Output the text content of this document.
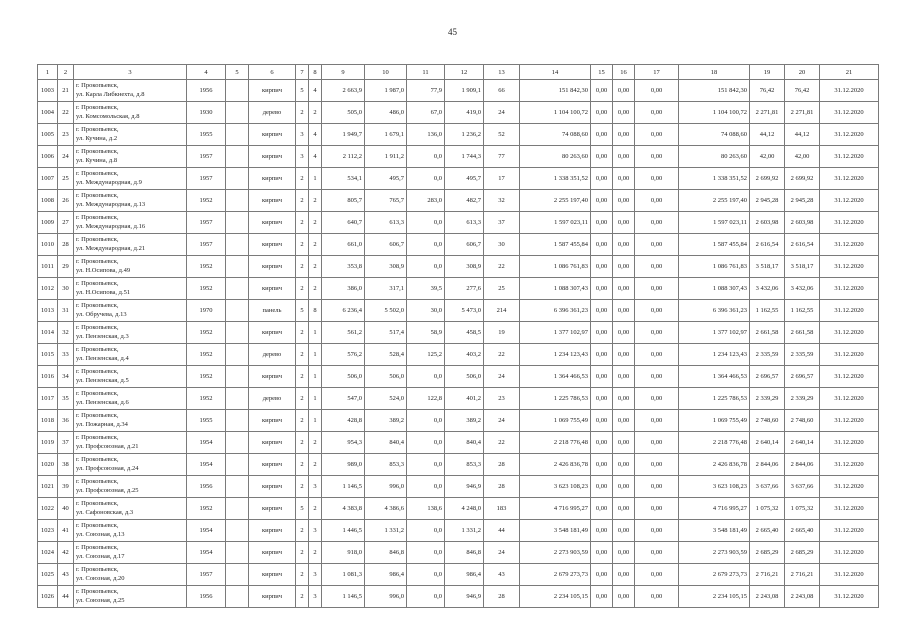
45
1	2	3	4	5	6	7	8	9	10	11	12	13	14	15	16	17	18	19	20	21
1003	21	г. Прокопьевск,
ул. Карла Либкнехта, д.8	1956		кирпич	5	4	2 663,9	1 987,0	77,9	1 909,1	66	151 842,30	0,00	0,00	0,00	151 842,30	76,42	76,42	31.12.2020
1004	22	г. Прокопьевск,
ул. Комсомольская, д.8	1930		дерево	2	2	505,0	486,0	67,0	419,0	24	1 104 100,72	0,00	0,00	0,00	1 104 100,72	2 271,81	2 271,81	31.12.2020
1005	23	г. Прокопьевск,
ул. Кучина, д.2	1955		кирпич	3	4	1 949,7	1 679,1	136,0	1 236,2	52	74 088,60	0,00	0,00	0,00	74 088,60	44,12	44,12	31.12.2020
1006	24	г. Прокопьевск,
ул. Кучина, д.8	1957		кирпич	3	4	2 112,2	1 911,2	0,0	1 744,3	77	80 263,60	0,00	0,00	0,00	80 263,60	42,00	42,00	31.12.2020
1007	25	г. Прокопьевск,
ул. Международная, д.9	1957		кирпич	2	1	534,1	495,7	0,0	495,7	17	1 338 351,52	0,00	0,00	0,00	1 338 351,52	2 699,92	2 699,92	31.12.2020
1008	26	г. Прокопьевск,
ул. Международная, д.13	1952		кирпич	2	2	805,7	765,7	283,0	482,7	32	2 255 197,40	0,00	0,00	0,00	2 255 197,40	2 945,28	2 945,28	31.12.2020
1009	27	г. Прокопьевск,
ул. Международная, д.16	1957		кирпич	2	2	640,7	613,3	0,0	613,3	37	1 597 023,11	0,00	0,00	0,00	1 597 023,11	2 603,98	2 603,98	31.12.2020
1010	28	г. Прокопьевск,
ул. Международная, д.21	1957		кирпич	2	2	661,0	606,7	0,0	606,7	30	1 587 455,84	0,00	0,00	0,00	1 587 455,84	2 616,54	2 616,54	31.12.2020
1011	29	г. Прокопьевск,
ул. Н.Осипова, д.49	1952		кирпич	2	2	353,8	308,9	0,0	308,9	22	1 086 761,83	0,00	0,00	0,00	1 086 761,83	3 518,17	3 518,17	31.12.2020
1012	30	г. Прокопьевск,
ул. Н.Осипова, д.51	1952		кирпич	2	2	386,0	317,1	39,5	277,6	25	1 088 307,43	0,00	0,00	0,00	1 088 307,43	3 432,06	3 432,06	31.12.2020
1013	31	г. Прокопьевск,
ул. Обручева, д.13	1970		панель	5	8	6 236,4	5 502,0	30,0	5 473,0	214	6 396 361,23	0,00	0,00	0,00	6 396 361,23	1 162,55	1 162,55	31.12.2020
1014	32	г. Прокопьевск,
ул. Пензенская, д.3	1952		кирпич	2	1	561,2	517,4	58,9	458,5	19	1 377 102,97	0,00	0,00	0,00	1 377 102,97	2 661,58	2 661,58	31.12.2020
1015	33	г. Прокопьевск,
ул. Пензенская, д.4	1952		дерево	2	1	576,2	528,4	125,2	403,2	22	1 234 123,43	0,00	0,00	0,00	1 234 123,43	2 335,59	2 335,59	31.12.2020
1016	34	г. Прокопьевск,
ул. Пензенская, д.5	1952		кирпич	2	1	506,0	506,0	0,0	506,0	24	1 364 466,53	0,00	0,00	0,00	1 364 466,53	2 696,57	2 696,57	31.12.2020
1017	35	г. Прокопьевск,
ул. Пензенская, д.6	1952		дерево	2	1	547,0	524,0	122,8	401,2	23	1 225 786,53	0,00	0,00	0,00	1 225 786,53	2 339,29	2 339,29	31.12.2020
1018	36	г. Прокопьевск,
ул. Пожарная, д.34	1955		кирпич	2	1	428,8	389,2	0,0	389,2	24	1 069 755,49	0,00	0,00	0,00	1 069 755,49	2 748,60	2 748,60	31.12.2020
1019	37	г. Прокопьевск,
ул. Профсоюзная, д.21	1954		кирпич	2	2	954,3	840,4	0,0	840,4	22	2 218 776,48	0,00	0,00	0,00	2 218 776,48	2 640,14	2 640,14	31.12.2020
1020	38	г. Прокопьевск,
ул. Профсоюзная, д.24	1954		кирпич	2	2	989,0	853,3	0,0	853,3	28	2 426 836,78	0,00	0,00	0,00	2 426 836,78	2 844,06	2 844,06	31.12.2020
1021	39	г. Прокопьевск,
ул. Профсоюзная, д.25	1956		кирпич	2	3	1 146,5	996,0	0,0	946,9	28	3 623 108,23	0,00	0,00	0,00	3 623 108,23	3 637,66	3 637,66	31.12.2020
1022	40	г. Прокопьевск,
ул. Сафоновская, д.3	1952		кирпич	5	2	4 383,8	4 386,6	138,6	4 248,0	183	4 716 995,27	0,00	0,00	0,00	4 716 995,27	1 075,32	1 075,32	31.12.2020
1023	41	г. Прокопьевск,
ул. Союзная, д.13	1954		кирпич	2	3	1 446,5	1 331,2	0,0	1 331,2	44	3 548 181,49	0,00	0,00	0,00	3 548 181,49	2 665,40	2 665,40	31.12.2020
1024	42	г. Прокопьевск,
ул. Союзная, д.17	1954		кирпич	2	2	918,0	846,8	0,0	846,8	24	2 273 903,59	0,00	0,00	0,00	2 273 903,59	2 685,29	2 685,29	31.12.2020
1025	43	г. Прокопьевск,
ул. Союзная, д.20	1957		кирпич	2	3	1 081,3	986,4	0,0	986,4	43	2 679 273,73	0,00	0,00	0,00	2 679 273,73	2 716,21	2 716,21	31.12.2020
1026	44	г. Прокопьевск,
ул. Союзная, д.25	1956		кирпич	2	3	1 146,5	996,0	0,0	946,9	28	2 234 105,15	0,00	0,00	0,00	2 234 105,15	2 243,08	2 243,08	31.12.2020
